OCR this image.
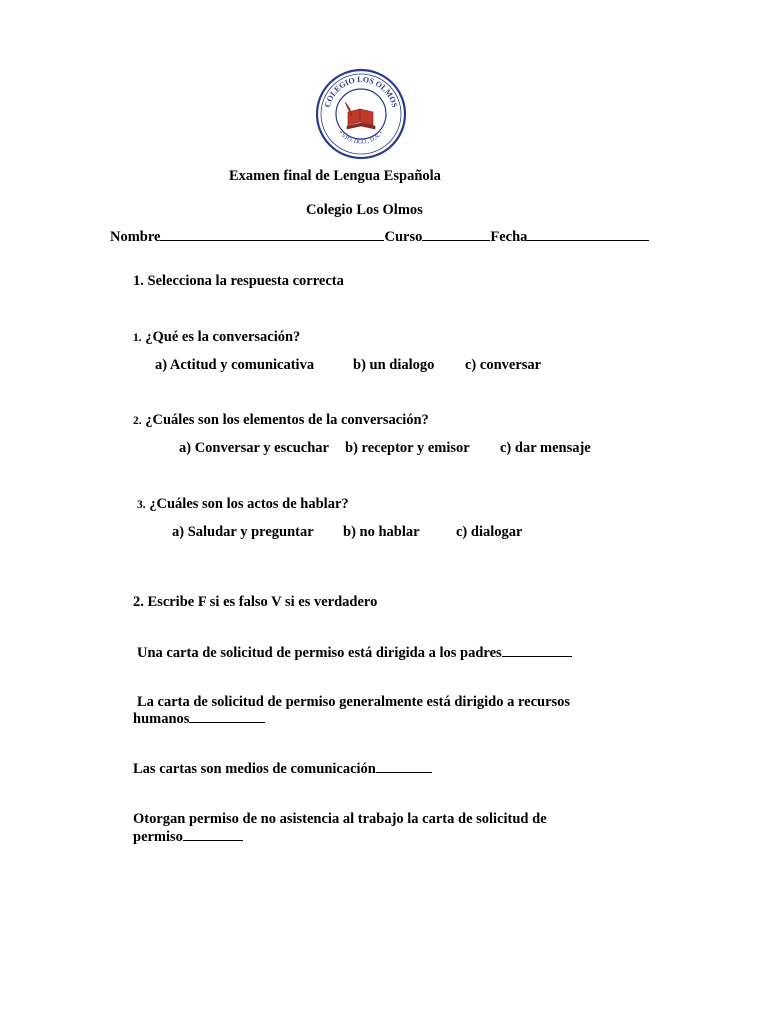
COLEGIO LOS OLMOS
• STO. DGO., D.N. •
Examen final de Lengua Española
Colegio Los Olmos
Nombre	Curso	Fecha
1. Selecciona la respuesta correcta
1. ¿Qué es la conversación?
a) Actitud y comunicativa	b) un dialogo c) conversar
2. ¿Cuáles son los elementos de la conversación?
a) Conversar y escuchar b) receptor y emisor c) dar mensaje
3. ¿Cuáles son los actos de hablar?
a) Saludar y preguntar b) no hablar	c) dialogar
2. Escribe F si es falso V si es verdadero
Una carta de solicitud de permiso está dirigida a los padres
La carta de solicitud de permiso generalmente está dirigido a recursos
humanos
Las cartas son medios de comunicación
Otorgan permiso de no asistencia al trabajo la carta de solicitud de
permiso
